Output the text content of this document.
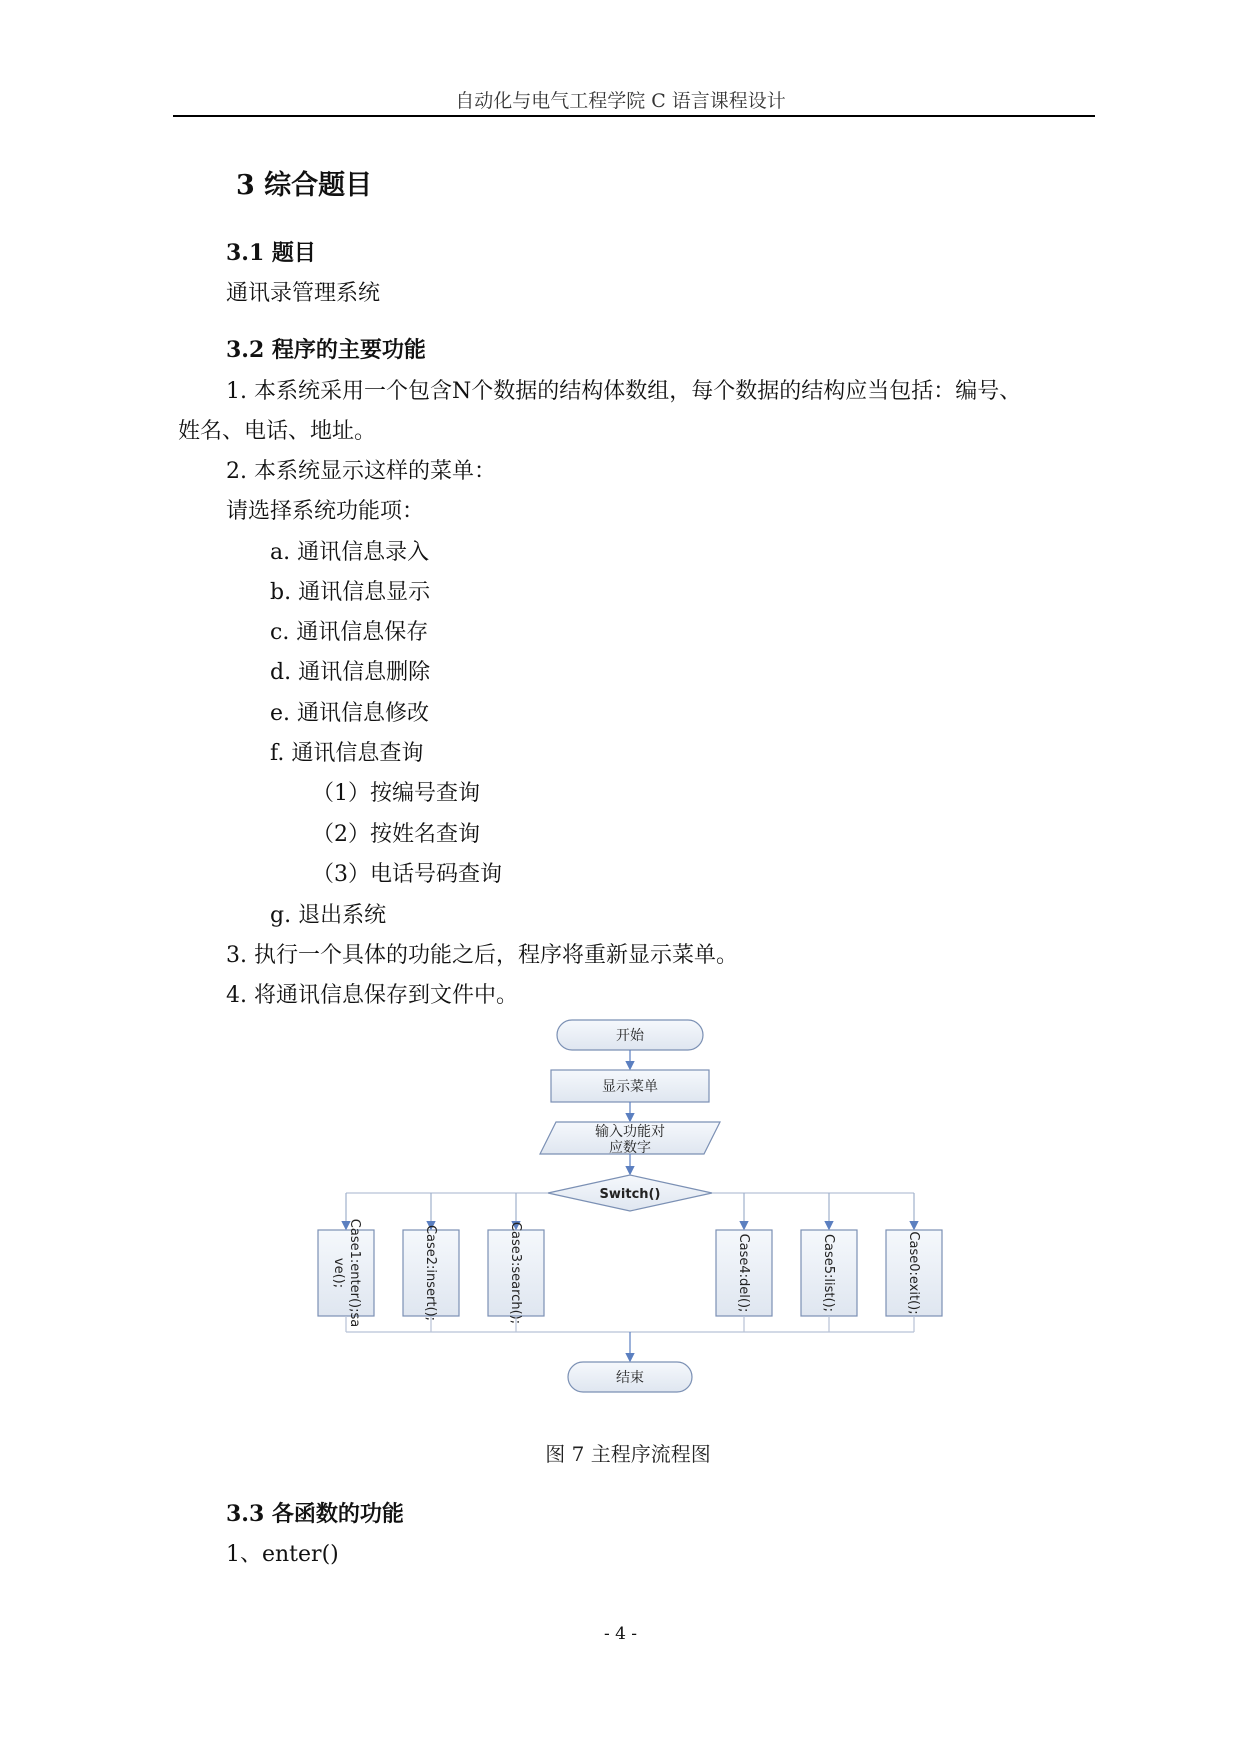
自动化与电气工程学院 C 语言课程设计
3 综合题目
3.1 题目
通讯录管理系统
3.2 程序的主要功能
1. 本系统采用一个包含N个数据的结构体数组，每个数据的结构应当包括：编号、
姓名、电话、地址。
2. 本系统显示这样的菜单：
请选择系统功能项：
a. 通讯信息录入
b. 通讯信息显示
c. 通讯信息保存
d. 通讯信息删除
e. 通讯信息修改
f. 通讯信息查询
（1）按编号查询
（2）按姓名查询
（3）电话号码查询
g. 退出系统
3. 执行一个具体的功能之后，程序将重新显示菜单。
4. 将通讯信息保存到文件中。
开始
显示菜单
输入功能对
应数字
Switch()
Case1:enter();sa
ve();	Case2:insert();	Case3:search();	Case4:del();	Case5:list();	Case0:exit();
结束
图 7 主程序流程图
3.3 各函数的功能
1、enter()
- 4 -
